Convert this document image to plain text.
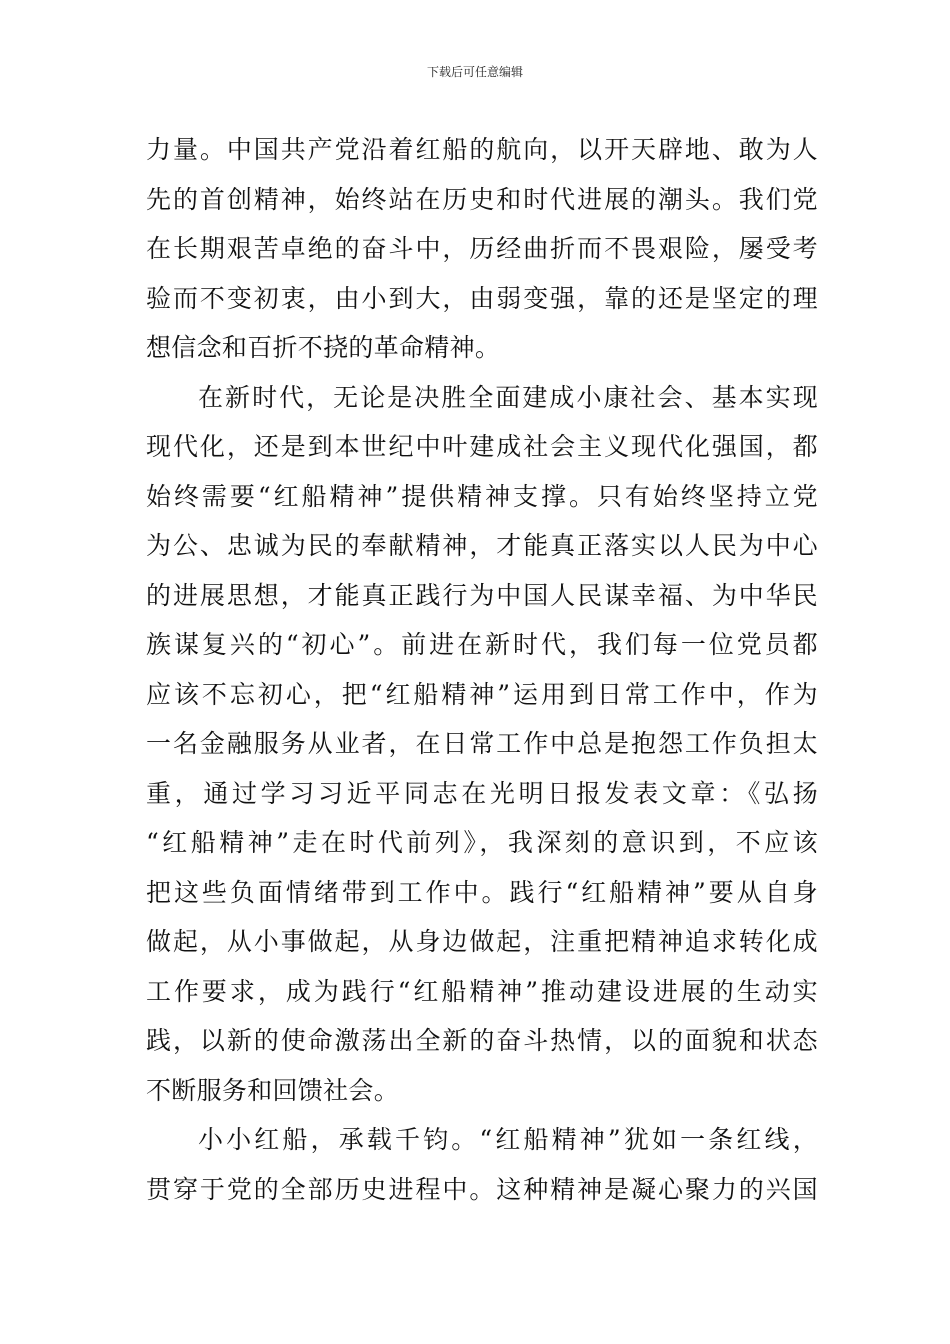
下载后可任意编辑
力量。中国共产党沿着红船的航向，以开天辟地、敢为人
先的首创精神，始终站在历史和时代进展的潮头。我们党
在长期艰苦卓绝的奋斗中，历经曲折而不畏艰险，屡受考
验而不变初衷，由小到大，由弱变强，靠的还是坚定的理
想信念和百折不挠的革命精神。
在新时代，无论是决胜全面建成小康社会、基本实现
现代化，还是到本世纪中叶建成社会主义现代化强国，都
始终需要“红船精神”提供精神支撑。只有始终坚持立党
为公、忠诚为民的奉献精神，才能真正落实以人民为中心
的进展思想，才能真正践行为中国人民谋幸福、为中华民
族谋复兴的“初心”。前进在新时代，我们每一位党员都
应该不忘初心，把“红船精神”运用到日常工作中，作为
一名金融服务从业者，在日常工作中总是抱怨工作负担太
重，通过学习习近平同志在光明日报发表文章：《弘扬
“红船精神”走在时代前列》，我深刻的意识到，不应该
把这些负面情绪带到工作中。践行“红船精神”要从自身
做起，从小事做起，从身边做起，注重把精神追求转化成
工作要求，成为践行“红船精神”推动建设进展的生动实
践，以新的使命激荡出全新的奋斗热情，以的面貌和状态
不断服务和回馈社会。
小小红船，承载千钧。“红船精神”犹如一条红线，
贯穿于党的全部历史进程中。这种精神是凝心聚力的兴国
